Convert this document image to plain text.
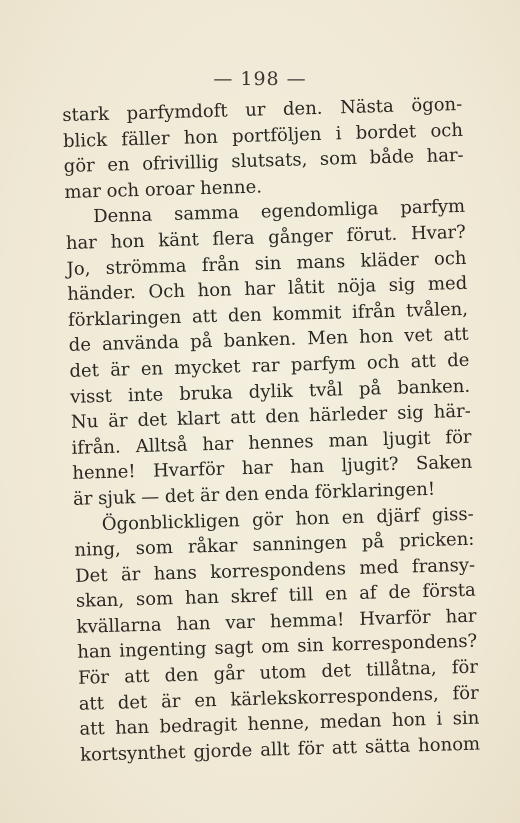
— 198 —
stark parfymdoft ur den. Nästa ögon-
blick fäller hon portföljen i bordet och
gör en ofrivillig slutsats, som både har-
mar och oroar henne.
Denna samma egendomliga parfym
har hon känt flera gånger förut. Hvar?
Jo, strömma från sin mans kläder och
händer. Och hon har låtit nöja sig med
förklaringen att den kommit ifrån tvålen,
de använda på banken. Men hon vet att
det är en mycket rar parfym och att de
visst inte bruka dylik tvål på banken.
Nu är det klart att den härleder sig här-
ifrån. Alltså har hennes man ljugit för
henne! Hvarför har han ljugit? Saken
är sjuk — det är den enda förklaringen!
Ögonblickligen gör hon en djärf giss-
ning, som råkar sanningen på pricken:
Det är hans korrespondens med fransy-
skan, som han skref till en af de första
kvällarna han var hemma! Hvarför har
han ingenting sagt om sin korrespondens?
För att den går utom det tillåtna, för
att det är en kärlekskorrespondens, för
att han bedragit henne, medan hon i sin
kortsynthet gjorde allt för att sätta honom
